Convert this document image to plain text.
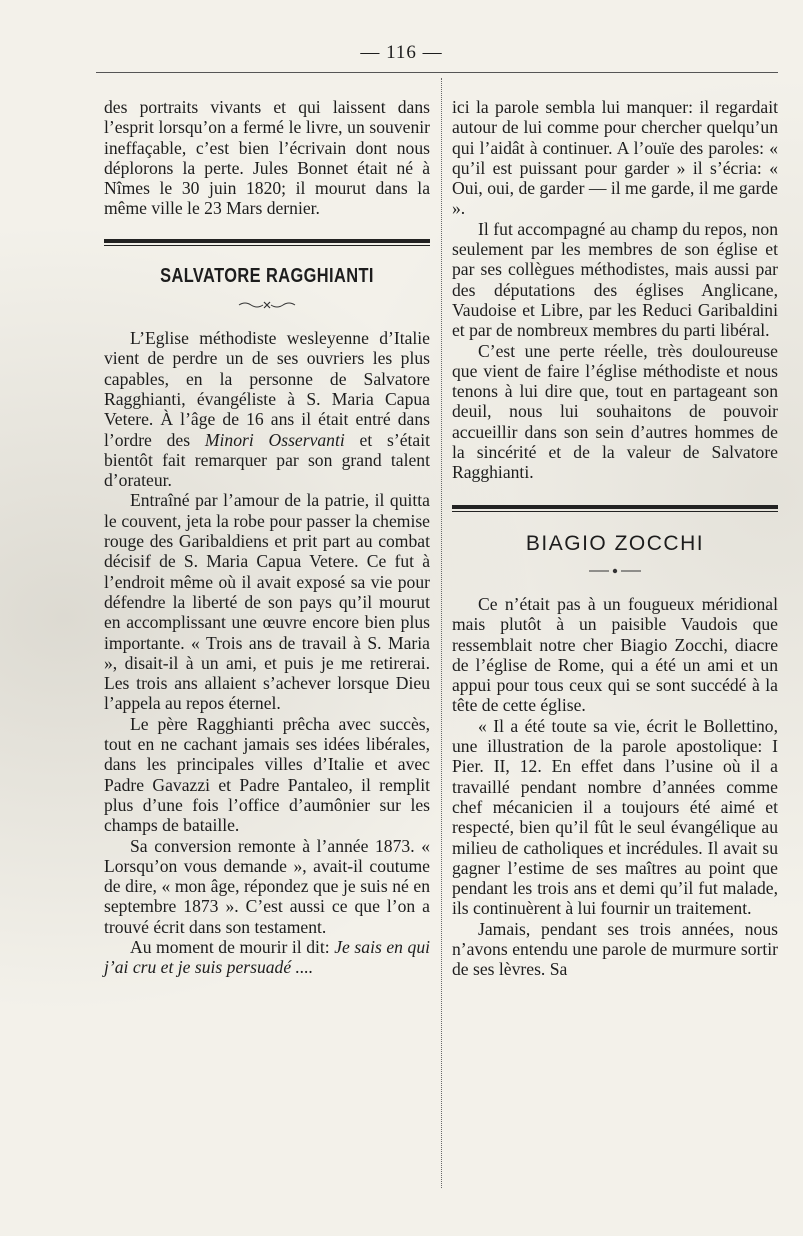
— 116 —

des portraits vivants et qui laissent dans l’esprit lorsqu’on a fermé le livre, un souvenir ineffaçable, c’est bien l’écrivain dont nous déplorons la perte. Jules Bonnet était né à Nîmes le 30 juin 1820; il mourut dans la même ville le 23 Mars dernier.

SALVATORE RAGGHIANTI

L’Eglise méthodiste wesleyenne d’Italie vient de perdre un de ses ouvriers les plus capables, en la personne de Salvatore Ragghianti, évangéliste à S. Maria Capua Vetere. À l’âge de 16 ans il était entré dans l’ordre des Minori Osservanti et s’était bientôt fait remarquer par son grand talent d’orateur.

Entraîné par l’amour de la patrie, il quitta le couvent, jeta la robe pour passer la chemise rouge des Garibaldiens et prit part au combat décisif de S. Maria Capua Vetere. Ce fut à l’endroit même où il avait exposé sa vie pour défendre la liberté de son pays qu’il mourut en accomplissant une œuvre encore bien plus importante. « Trois ans de travail à S. Maria », disait-il à un ami, et puis je me retirerai. Les trois ans allaient s’achever lorsque Dieu l’appela au repos éternel.

Le père Ragghianti prêcha avec succès, tout en ne cachant jamais ses idées libérales, dans les principales villes d’Italie et avec Padre Gavazzi et Padre Pantaleo, il remplit plus d’une fois l’office d’aumônier sur les champs de bataille.

Sa conversion remonte à l’année 1873. « Lorsqu’on vous demande », avait-il coutume de dire, « mon âge, répondez que je suis né en septembre 1873 ». C’est aussi ce que l’on a trouvé écrit dans son testament.

Au moment de mourir il dit: Je sais en qui j’ai cru et je suis persuadé ....

ici la parole sembla lui manquer: il regardait autour de lui comme pour chercher quelqu’un qui l’aidât à continuer. A l’ouïe des paroles: « qu’il est puissant pour garder » il s’écria: « Oui, oui, de garder — il me garde, il me garde ».

Il fut accompagné au champ du repos, non seulement par les membres de son église et par ses collègues méthodistes, mais aussi par des députations des églises Anglicane, Vaudoise et Libre, par les Reduci Garibaldini et par de nombreux membres du parti libéral.

C’est une perte réelle, très douloureuse que vient de faire l’église méthodiste et nous tenons à lui dire que, tout en partageant son deuil, nous lui souhaitons de pouvoir accueillir dans son sein d’autres hommes de la sincérité et de la valeur de Salvatore Ragghianti.

BIAGIO ZOCCHI

Ce n’était pas à un fougueux méridional mais plutôt à un paisible Vaudois que ressemblait notre cher Biagio Zocchi, diacre de l’église de Rome, qui a été un ami et un appui pour tous ceux qui se sont succédé à la tête de cette église.

« Il a été toute sa vie, écrit le Bollettino, une illustration de la parole apostolique: I Pier. II, 12. En effet dans l’usine où il a travaillé pendant nombre d’années comme chef mécanicien il a toujours été aimé et respecté, bien qu’il fût le seul évangélique au milieu de catholiques et incrédules. Il avait su gagner l’estime de ses maîtres au point que pendant les trois ans et demi qu’il fut malade, ils continuèrent à lui fournir un traitement.

Jamais, pendant ses trois années, nous n’avons entendu une parole de murmure sortir de ses lèvres. Sa
